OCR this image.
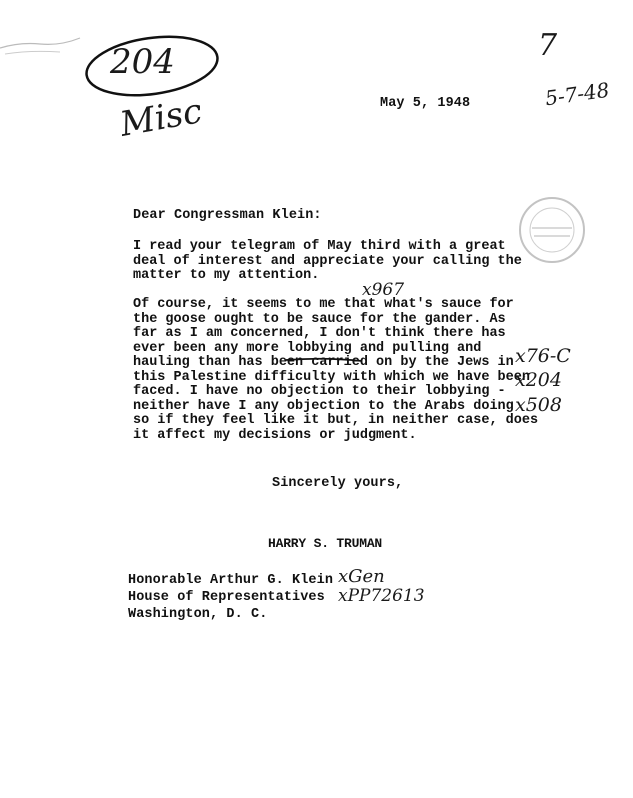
204
Misc
7
5-7-48
May 5, 1948
Dear Congressman Klein:
I read your telegram of May third with a great
deal of interest and appreciate your calling the
matter to my attention.
x967
Of course, it seems to me that what's sauce for
the goose ought to be sauce for the gander. As
far as I am concerned, I don't think there has
ever been any more lobbying and pulling and
hauling than has been carried on by the Jews in
this Palestine difficulty with which we have been
faced. I have no objection to their lobbying -
neither have I any objection to the Arabs doing
so if they feel like it but, in neither case, does
it affect my decisions or judgment.
x76-C
x204
x508
Sincerely yours,
HARRY S. TRUMAN
Honorable Arthur G. Klein
House of Representatives
Washington, D. C.
xGen
xPP72613
